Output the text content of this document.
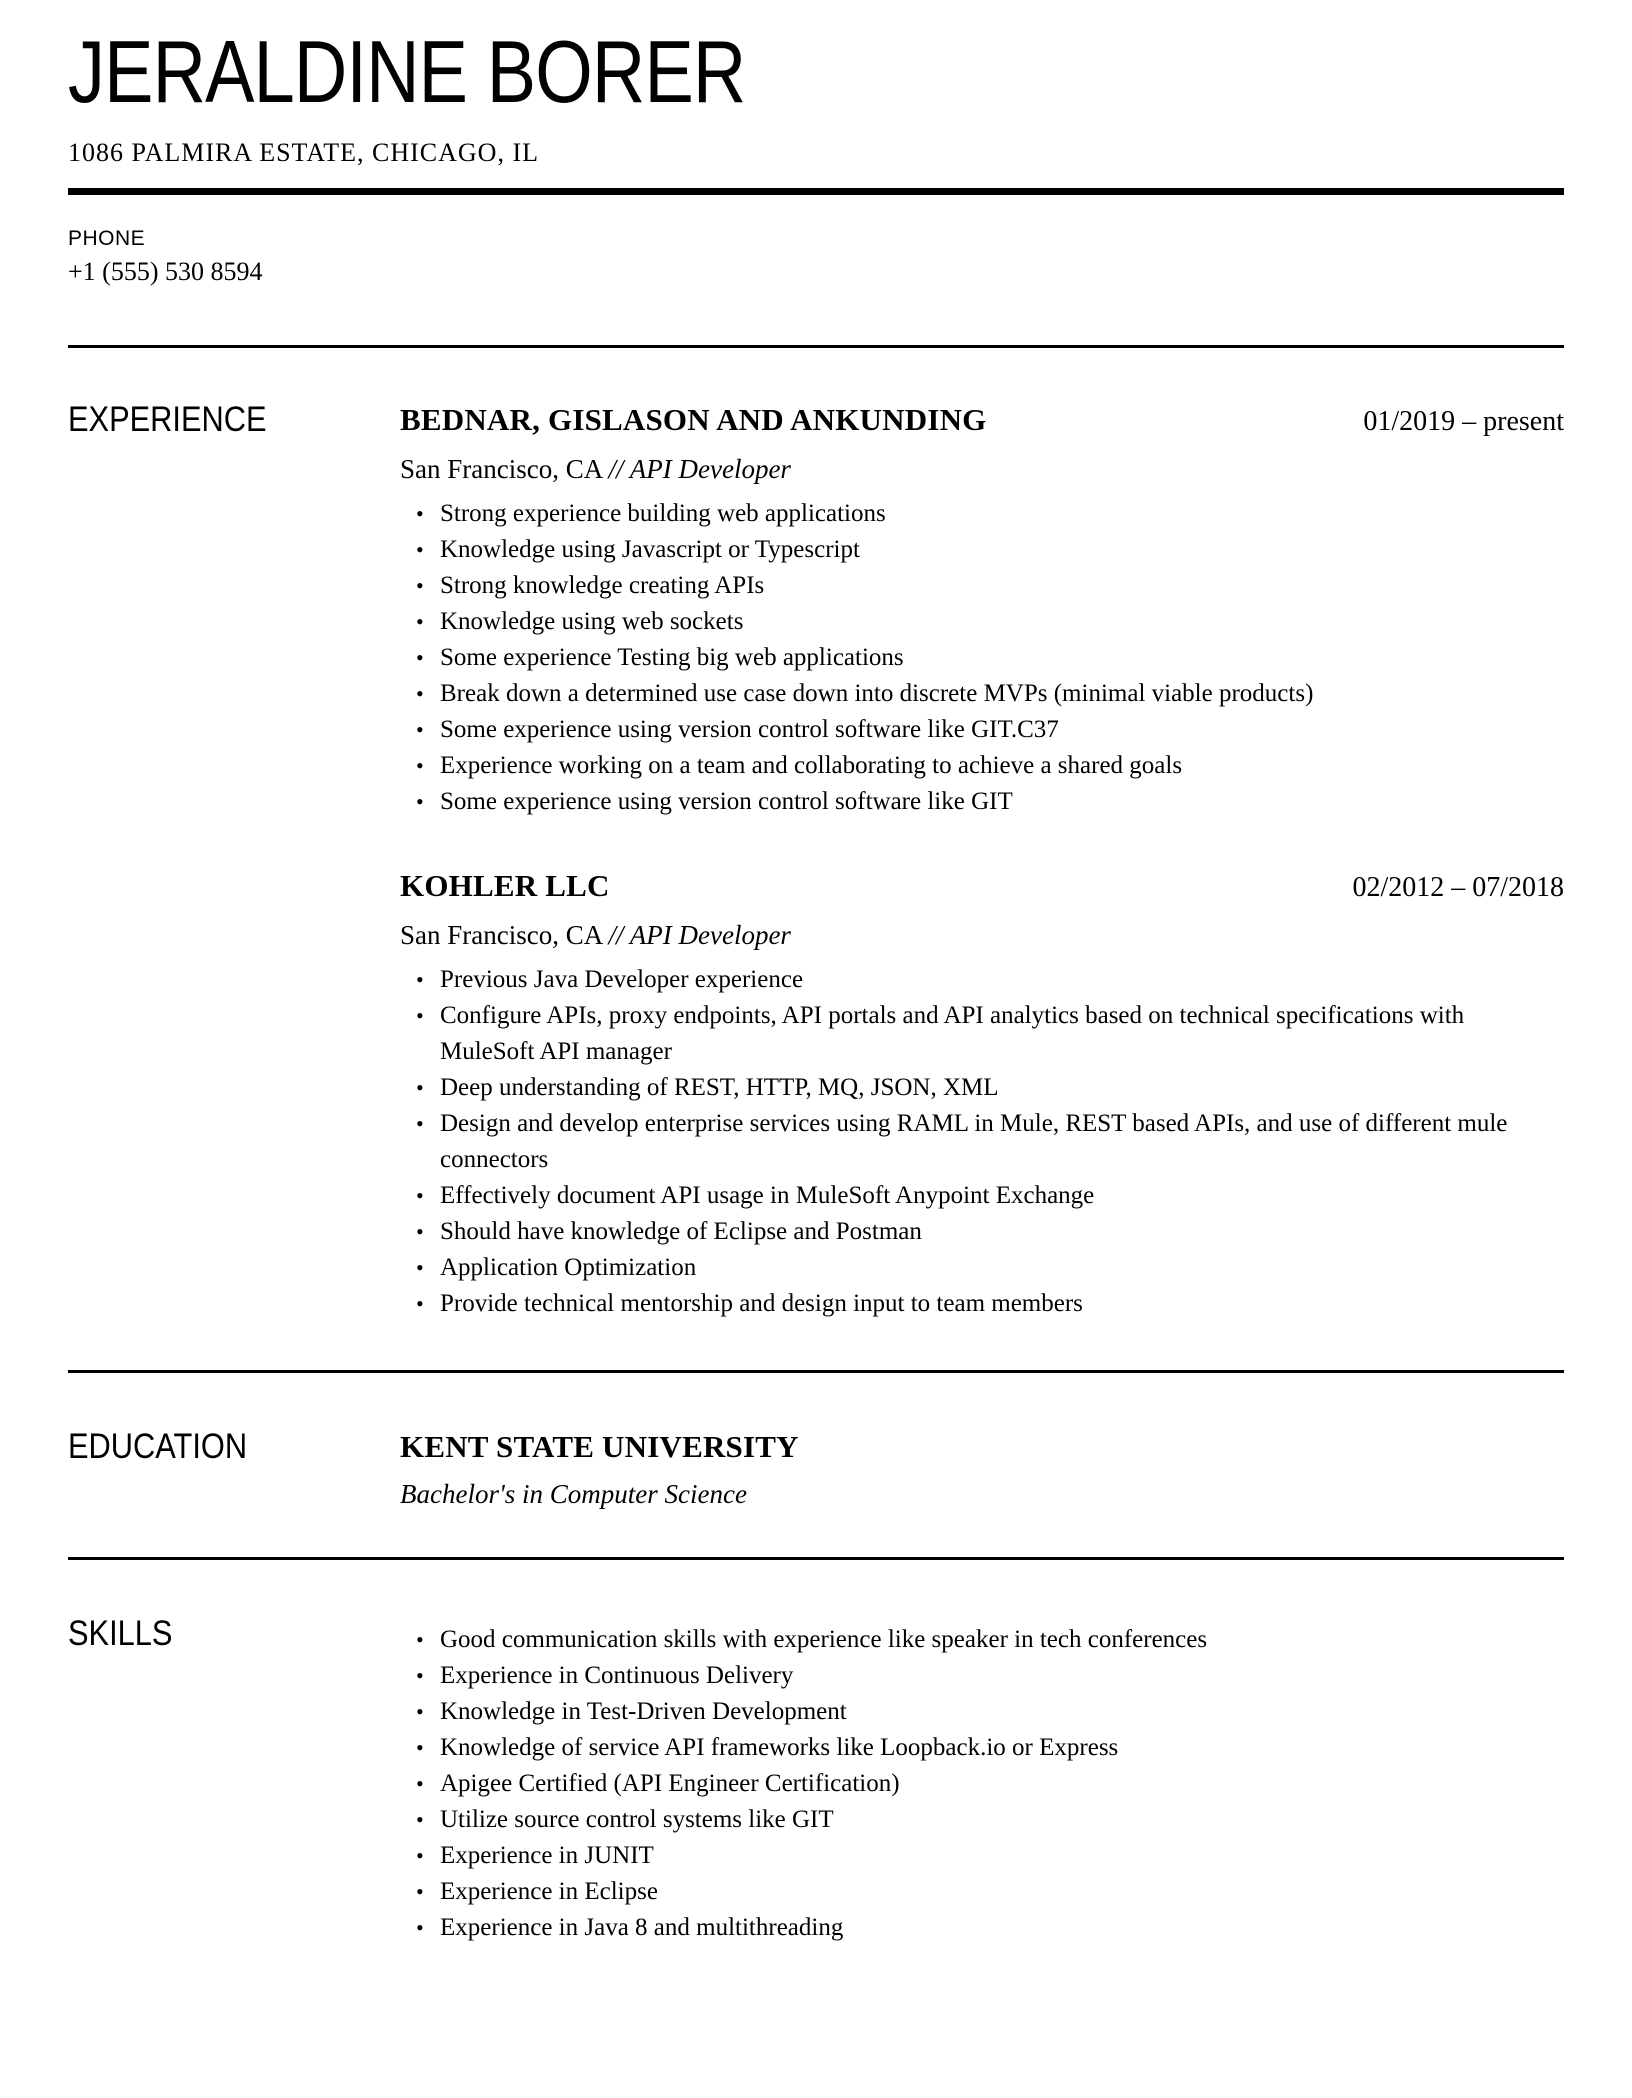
JERALDINE BORER
1086 PALMIRA ESTATE, CHICAGO, IL
PHONE
+1 (555) 530 8594
EXPERIENCE	BEDNAR, GISLASON AND ANKUNDING	01/2019 – present
San Francisco, CA // API Developer
• Strong experience building web applications
• Knowledge using Javascript or Typescript
• Strong knowledge creating APIs
• Knowledge using web sockets
• Some experience Testing big web applications
• Break down a determined use case down into discrete MVPs (minimal viable products)
• Some experience using version control software like GIT.C37
• Experience working on a team and collaborating to achieve a shared goals
• Some experience using version control software like GIT
KOHLER LLC	02/2012 – 07/2018
San Francisco, CA // API Developer
• Previous Java Developer experience
• Configure APIs, proxy endpoints, API portals and API analytics based on technical specifications with MuleSoft API manager
• Deep understanding of REST, HTTP, MQ, JSON, XML
• Design and develop enterprise services using RAML in Mule, REST based APIs, and use of different mule connectors
• Effectively document API usage in MuleSoft Anypoint Exchange
• Should have knowledge of Eclipse and Postman
• Application Optimization
• Provide technical mentorship and design input to team members
EDUCATION	KENT STATE UNIVERSITY
Bachelor's in Computer Science
SKILLS	• Good communication skills with experience like speaker in tech conferences
• Experience in Continuous Delivery
• Knowledge in Test-Driven Development
• Knowledge of service API frameworks like Loopback.io or Express
• Apigee Certified (API Engineer Certification)
• Utilize source control systems like GIT
• Experience in JUNIT
• Experience in Eclipse
• Experience in Java 8 and multithreading
